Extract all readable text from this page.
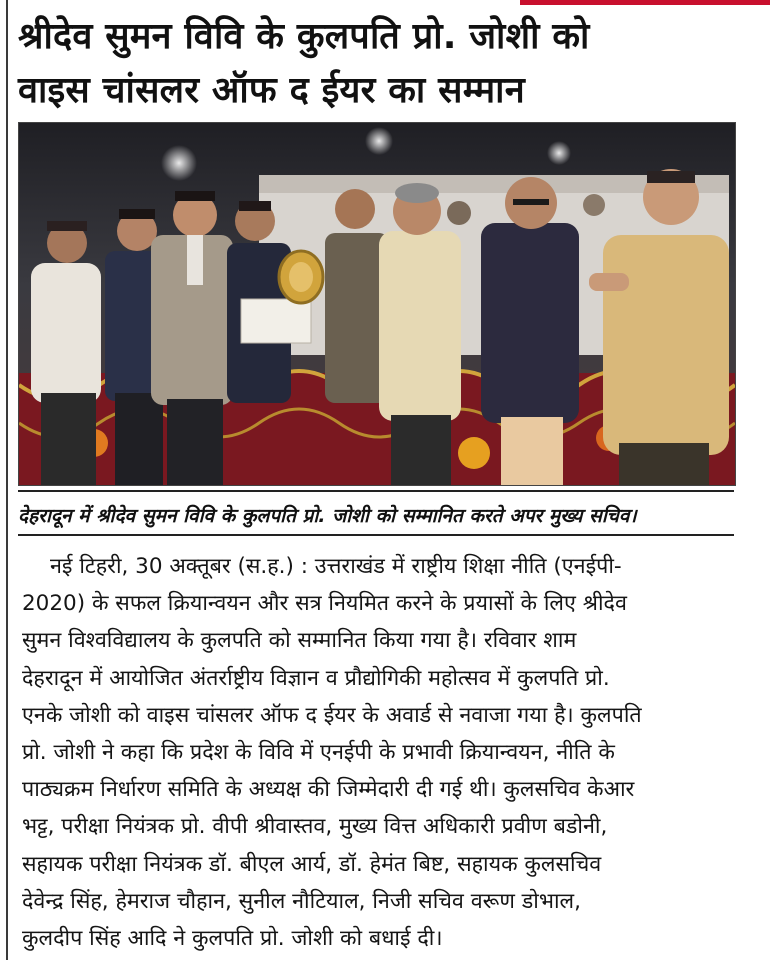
श्रीदेव सुमन विवि के कुलपति प्रो. जोशी को
वाइस चांसलर ऑफ द ईयर का सम्मान

देहरादून में श्रीदेव सुमन विवि के कुलपति प्रो. जोशी को सम्मानित करते अपर मुख्य सचिव।

नई टिहरी, 30 अक्तूबर (स.ह.) : उत्तराखंड में राष्ट्रीय शिक्षा नीति (एनईपी-
2020) के सफल क्रियान्वयन और सत्र नियमित करने के प्रयासों के लिए श्रीदेव
सुमन विश्वविद्यालय के कुलपति को सम्मानित किया गया है। रविवार शाम
देहरादून में आयोजित अंतर्राष्ट्रीय विज्ञान व प्रौद्योगिकी महोत्सव में कुलपति प्रो.
एनके जोशी को वाइस चांसलर ऑफ द ईयर के अवार्ड से नवाजा गया है। कुलपति
प्रो. जोशी ने कहा कि प्रदेश के विवि में एनईपी के प्रभावी क्रियान्वयन, नीति के
पाठ्यक्रम निर्धारण समिति के अध्यक्ष की जिम्मेदारी दी गई थी। कुलसचिव केआर
भट्ट, परीक्षा नियंत्रक प्रो. वीपी श्रीवास्तव, मुख्य वित्त अधिकारी प्रवीण बडोनी,
सहायक परीक्षा नियंत्रक डॉ. बीएल आर्य, डॉ. हेमंत बिष्ट, सहायक कुलसचिव
देवेन्द्र सिंह, हेमराज चौहान, सुनील नौटियाल, निजी सचिव वरूण डोभाल,
कुलदीप सिंह आदि ने कुलपति प्रो. जोशी को बधाई दी।
